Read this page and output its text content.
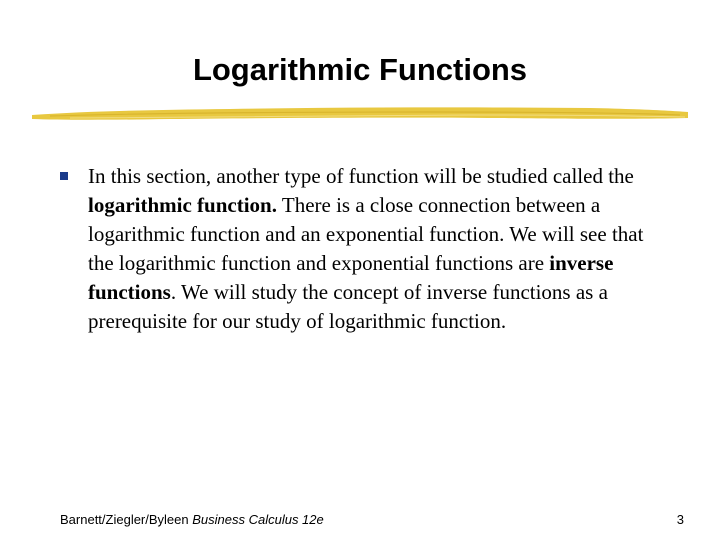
Logarithmic Functions

In this section, another type of function will be studied called the logarithmic function. There is a close connection between a logarithmic function and an exponential function. We will see that the logarithmic function and exponential functions are inverse functions. We will study the concept of inverse functions as a prerequisite for our study of logarithmic function.

Barnett/Ziegler/Byleen Business Calculus 12e	3
